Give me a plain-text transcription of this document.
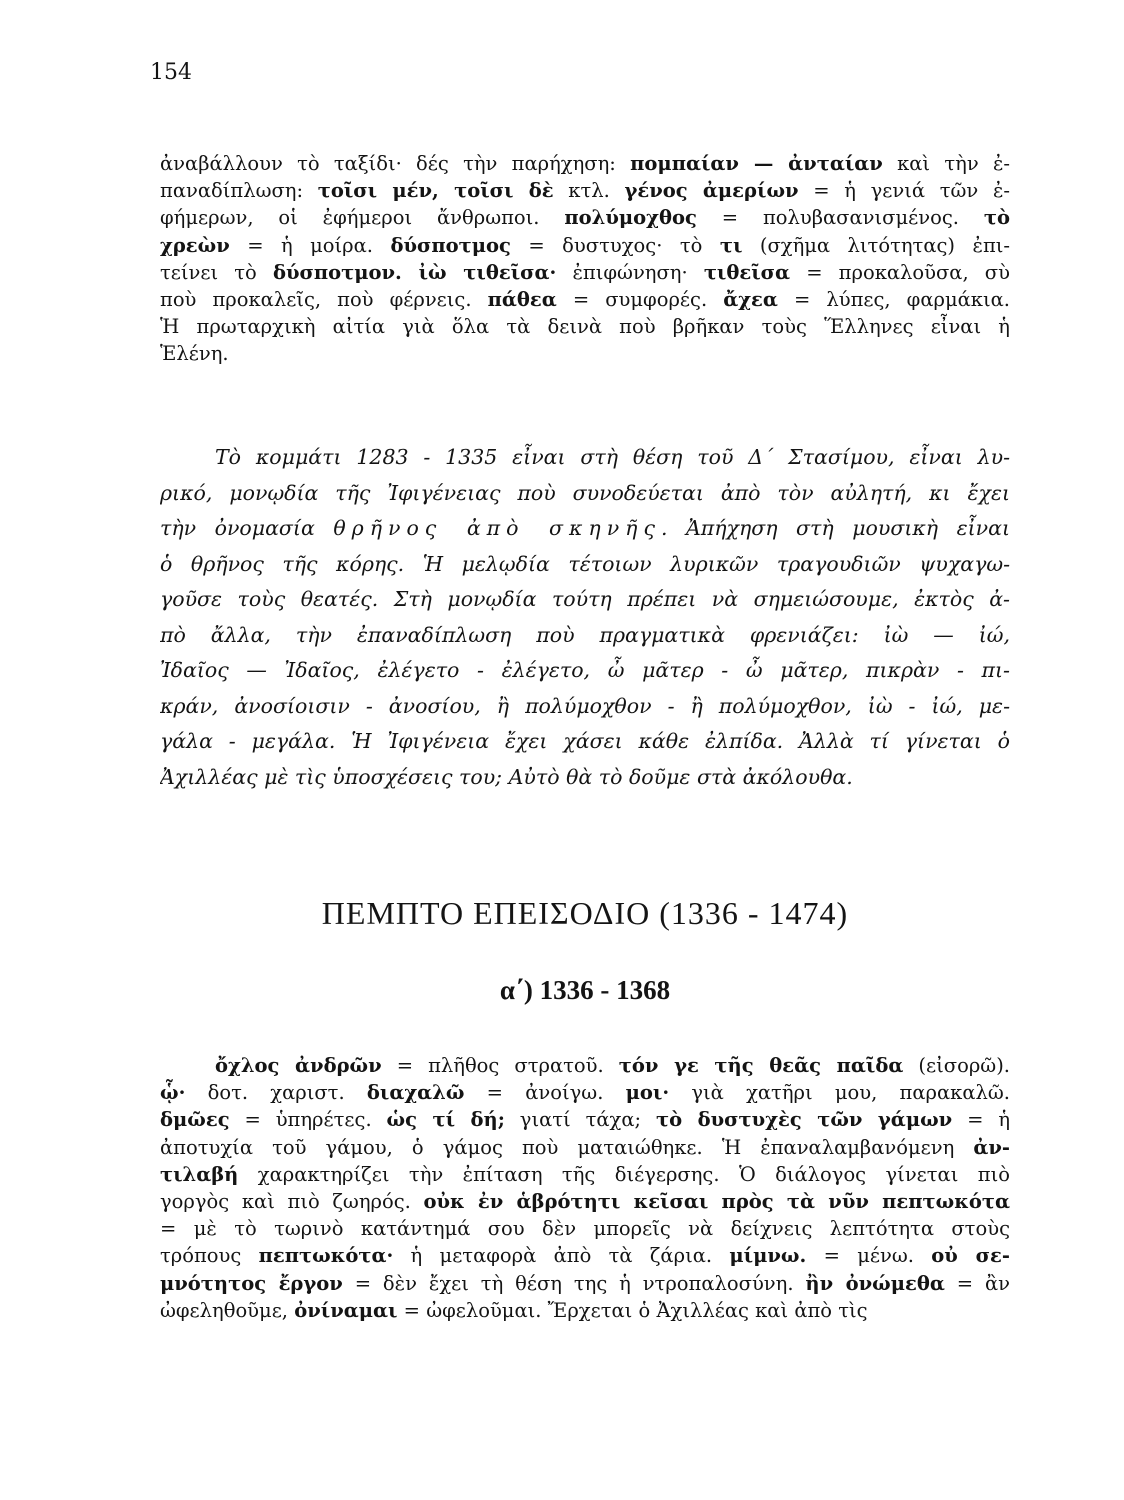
154
ἀναβάλλουν τὸ ταξίδι· δές τὴν παρήχηση: πομπαίαν — ἀνταίαν καὶ τὴν ἐ-
παναδίπλωση: τοῖσι μέν, τοῖσι δὲ κτλ. γένος ἀμερίων = ἡ γενιά τῶν ἐ-
φήμερων, οἱ ἐφήμεροι ἄνθρωποι. πολύμοχθος = πολυβασανισμένος. τὸ
χρεὼν = ἡ μοίρα. δύσποτμος = δυστυχος· τὸ τι (σχῆμα λιτότητας) ἐπι-
τείνει τὸ δύσποτμον. ἰὼ τιθεῖσα· ἐπιφώνηση· τιθεῖσα = προκαλοῦσα, σὺ
ποὺ προκαλεῖς, ποὺ φέρνεις. πάθεα = συμφορές. ἄχεα = λύπες, φαρμάκια.
Ἡ πρωταρχικὴ αἰτία γιὰ ὅλα τὰ δεινὰ ποὺ βρῆκαν τοὺς Ἕλληνες εἶναι ἡ
Ἑλένη.
Τὸ κομμάτι 1283 - 1335 εἶναι στὴ θέση τοῦ Δ´ Στασίμου, εἶναι λυ-
ρικό, μονῳδία τῆς Ἰφιγένειας ποὺ συνοδεύεται ἀπὸ τὸν αὐλητή, κι ἔχει
τὴν ὀνομασία θρῆνος ἀπὸ σκηνῆς. Ἀπήχηση στὴ μουσικὴ εἶναι
ὁ θρῆνος τῆς κόρης. Ἡ μελῳδία τέτοιων λυρικῶν τραγουδιῶν ψυχαγω-
γοῦσε τοὺς θεατές. Στὴ μονῳδία τούτη πρέπει νὰ σημειώσουμε, ἐκτὸς ἀ-
πὸ ἄλλα, τὴν ἐπαναδίπλωση ποὺ πραγματικὰ φρενιάζει: ἰὼ — ἰώ,
Ἰδαῖος — Ἰδαῖος, ἐλέγετο - ἐλέγετο, ὦ μᾶτερ - ὦ μᾶτερ, πικρὰν - πι-
κράν, ἀνοσίοισιν - ἀνοσίου, ἢ πολύμοχθον - ἢ πολύμοχθον, ἰὼ - ἰώ, με-
γάλα - μεγάλα. Ἡ Ἰφιγένεια ἔχει χάσει κάθε ἐλπίδα. Ἀλλὰ τί γίνεται ὁ
Ἀχιλλέας μὲ τὶς ὑποσχέσεις του; Αὐτὸ θὰ τὸ δοῦμε στὰ ἀκόλουθα.
ΠΕΜΠΤΟ ΕΠΕΙΣΟΔΙΟ (1336 - 1474)
α΄) 1336 - 1368
ὄχλος ἀνδρῶν = πλῆθος στρατοῦ. τόν γε τῆς θεᾶς παῖδα (εἰσορῶ).
ᾧ· δοτ. χαριστ. διαχαλῶ = ἀνοίγω. μοι· γιὰ χατῆρι μου, παρακαλῶ.
δμῶες = ὑπηρέτες. ὡς τί δή; γιατί τάχα; τὸ δυστυχὲς τῶν γάμων = ἡ
ἀποτυχία τοῦ γάμου, ὁ γάμος ποὺ ματαιώθηκε. Ἡ ἐπαναλαμβανόμενη ἀν-
τιλαβή χαρακτηρίζει τὴν ἐπίταση τῆς διέγερσης. Ὁ διάλογος γίνεται πιὸ
γοργὸς καὶ πιὸ ζωηρός. οὐκ ἐν ἁβρότητι κεῖσαι πρὸς τὰ νῦν πεπτωκότα
= μὲ τὸ τωρινὸ κατάντημά σου δὲν μπορεῖς νὰ δείχνεις λεπτότητα στοὺς
τρόπους πεπτωκότα· ἡ μεταφορὰ ἀπὸ τὰ ζάρια. μίμνω. = μένω. οὐ σε-
μνότητος ἔργον = δὲν ἔχει τὴ θέση της ἡ ντροπαλοσύνη. ἢν ὀνώμεθα = ἂν
ὠφεληθοῦμε, ὀνίναμαι = ὠφελοῦμαι. Ἔρχεται ὁ Ἀχιλλέας καὶ ἀπὸ τὶς
